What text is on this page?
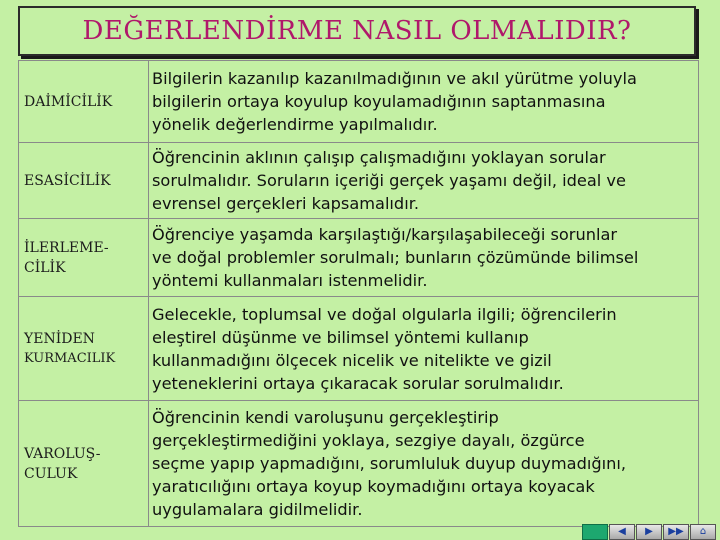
DEĞERLENDİRME NASIL OLMALIDIR?
DAİMİCİLİK	Bilgilerin kazanılıp kazanılmadığının ve akıl yürütme yoluyla
bilgilerin ortaya koyulup koyulamadığının saptanmasına
yönelik değerlendirme yapılmalıdır.
ESASİCİLİK	Öğrencinin aklının çalışıp çalışmadığını yoklayan sorular
sorulmalıdır. Soruların içeriği gerçek yaşamı değil, ideal ve
evrensel gerçekleri kapsamalıdır.
İLERLEME-
CİLİK	Öğrenciye yaşamda karşılaştığı/karşılaşabileceği sorunlar
ve doğal problemler sorulmalı; bunların çözümünde bilimsel
yöntemi kullanmaları istenmelidir.

YENİDEN

KURMACILIK	Gelecekle, toplumsal ve doğal olgularla ilgili; öğrencilerin
eleştirel düşünme ve bilimsel yöntemi kullanıp
kullanmadığını ölçecek nicelik ve nitelikte ve gizil
yeteneklerini ortaya çıkaracak sorular sorulmalıdır.
VAROLUŞ-
CULUK	Öğrencinin kendi varoluşunu gerçekleştirip
gerçekleştirmediğini yoklaya, sezgiye dayalı, özgürce
seçme yapıp yapmadığını, sorumluluk duyup duymadığını,
yaratıcılığını ortaya koyup koymadığını ortaya koyacak
uygulamalara gidilmelidir.
◀	▶	▶▶	⌂
